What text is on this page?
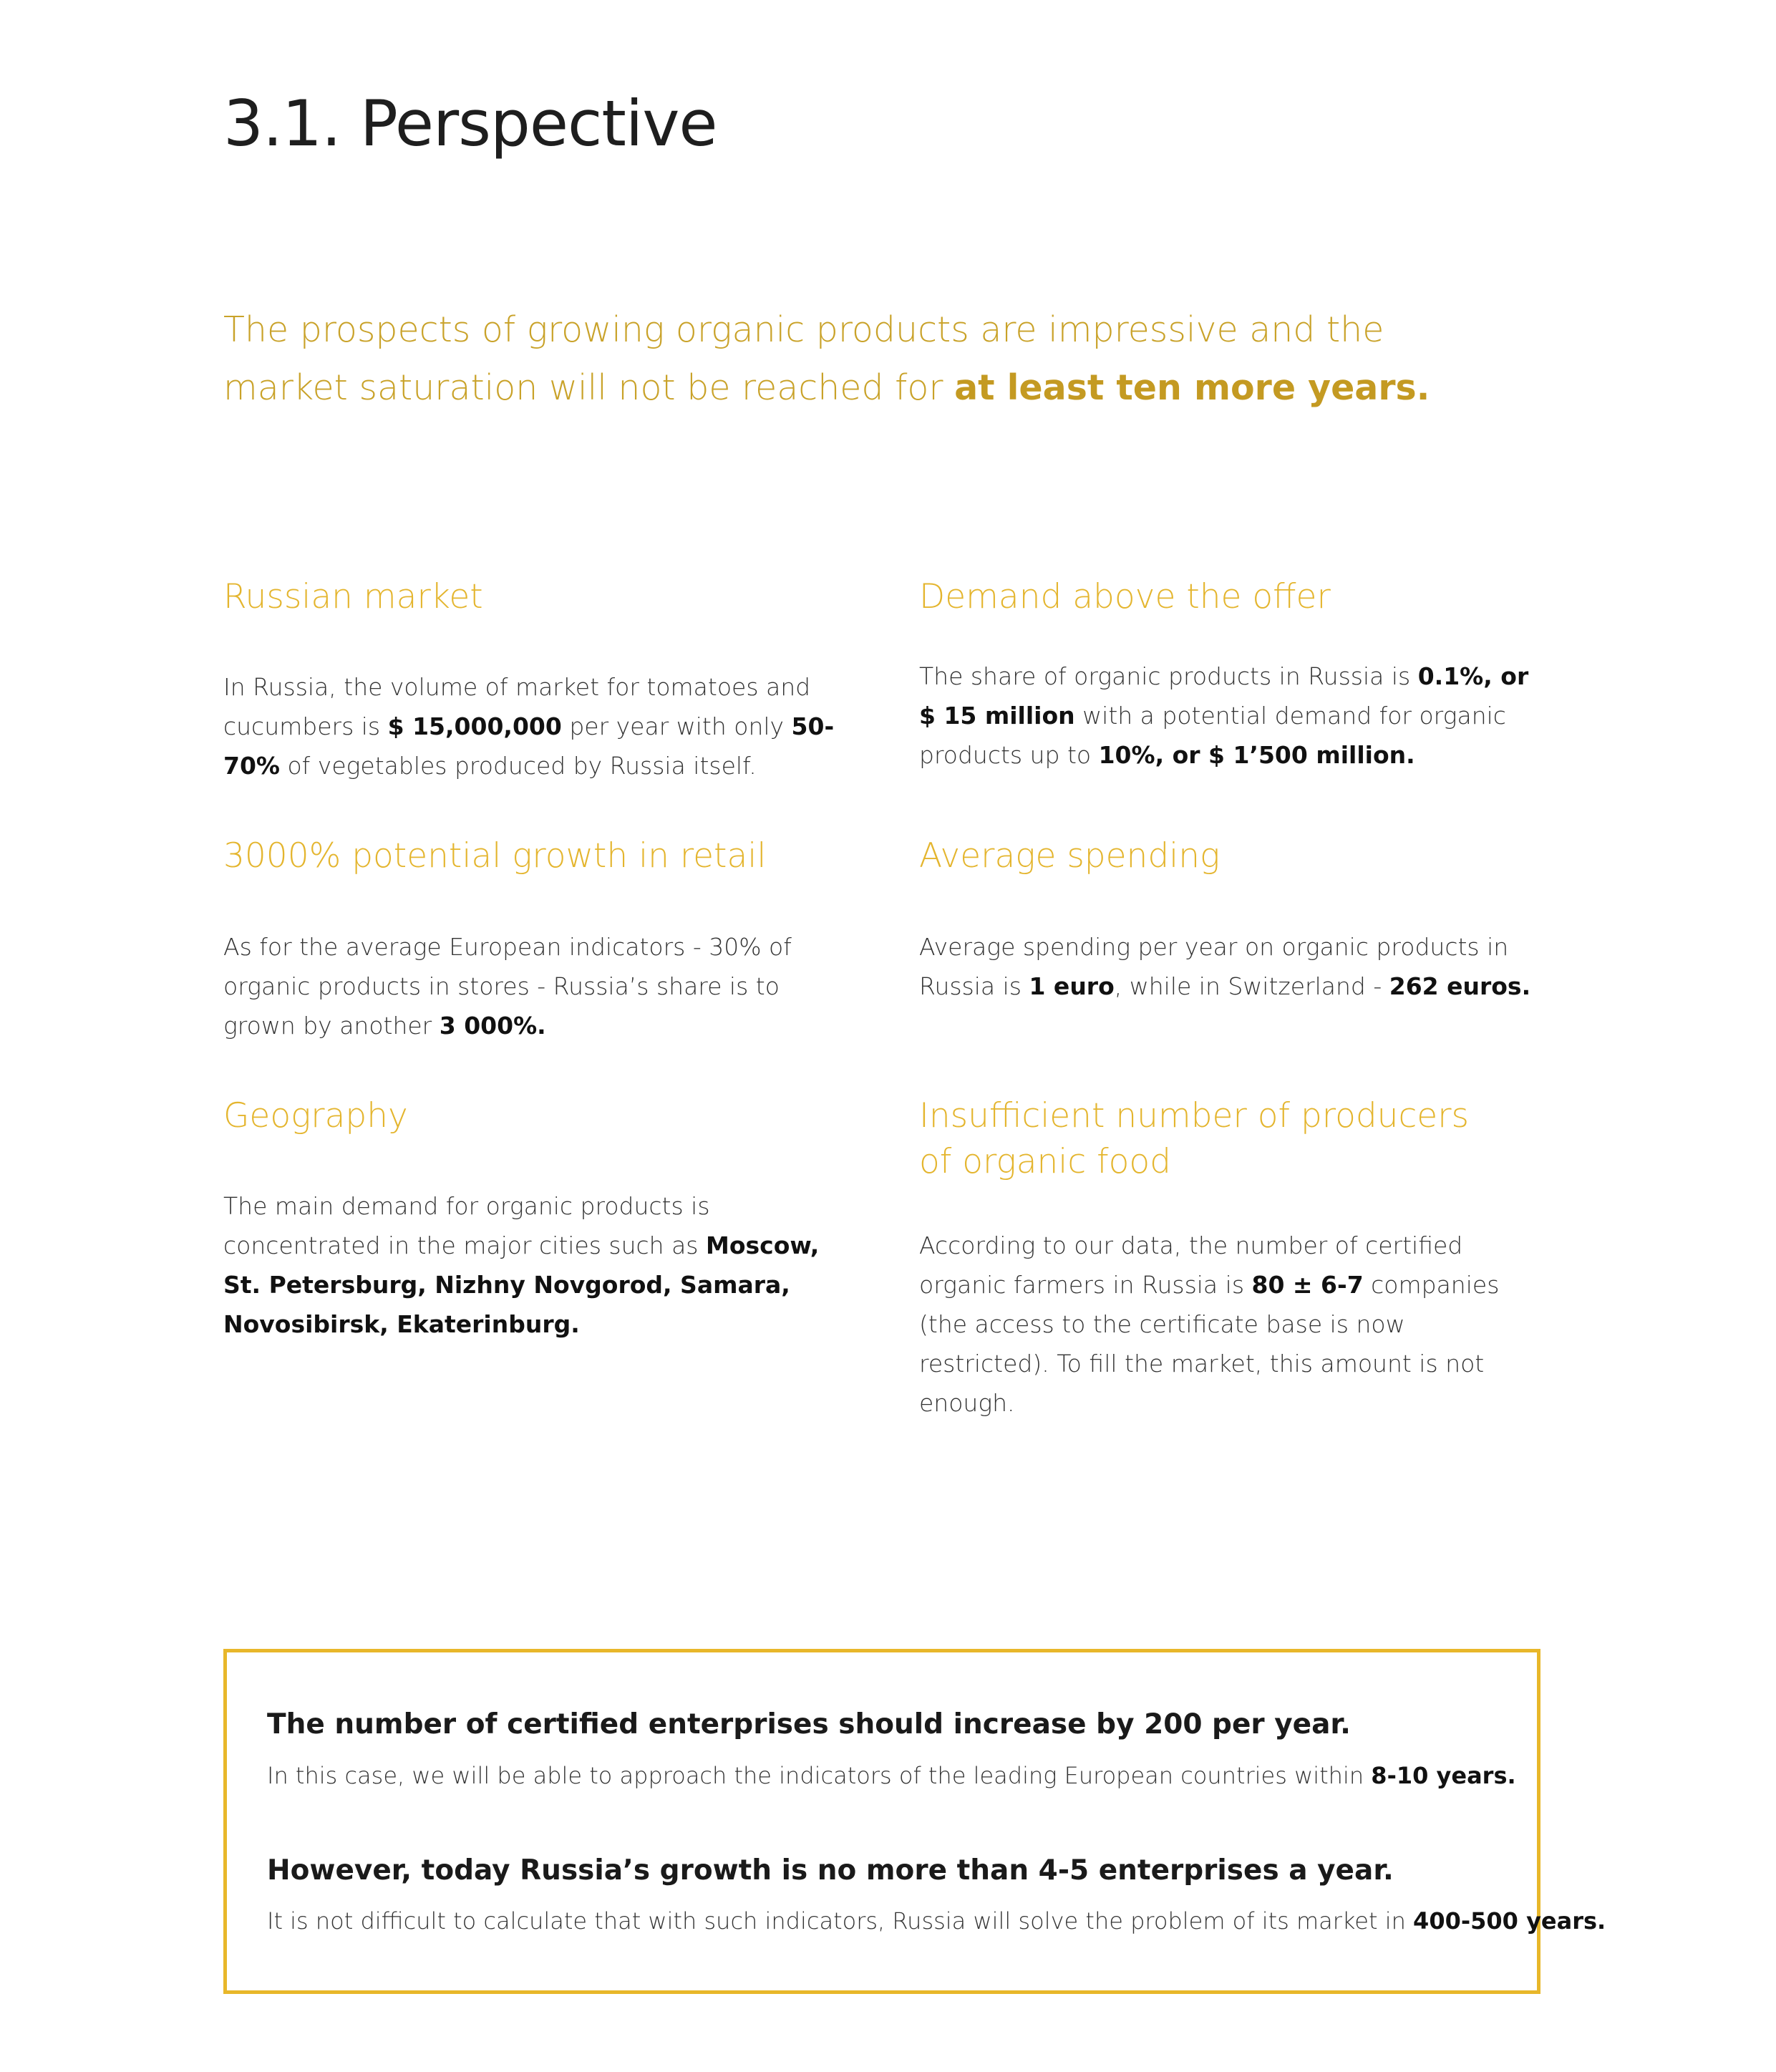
3.1. Perspective

The prospects of growing organic products are impressive and the market saturation will not be reached for at least ten more years.

Russian market

In Russia, the volume of market for tomatoes and cucumbers is $ 15,000,000 per year with only 50-70% of vegetables produced by Russia itself.

Demand above the offer

The share of organic products in Russia is 0.1%, or $ 15 million with a potential demand for organic products up to 10%, or $ 1’500 million.

3000% potential growth in retail

As for the average European indicators - 30% of organic products in stores - Russia’s share is to grown by another 3 000%.

Average spending

Average spending per year on organic products in Russia is 1 euro, while in Switzerland - 262 euros.

Geography

The main demand for organic products is concentrated in the major cities such as Moscow, St. Petersburg, Nizhny Novgorod, Samara, Novosibirsk, Ekaterinburg.

Insufficient number of producers
of organic food

According to our data, the number of certified organic farmers in Russia is 80 ± 6-7 companies (the access to the certificate base is now restricted). To fill the market, this amount is not enough.

The number of certified enterprises should increase by 200 per year.

In this case, we will be able to approach the indicators of the leading European countries within 8-10 years.

However, today Russia’s growth is no more than 4-5 enterprises a year.

It is not difficult to calculate that with such indicators, Russia will solve the problem of its market in 400-500 years.
